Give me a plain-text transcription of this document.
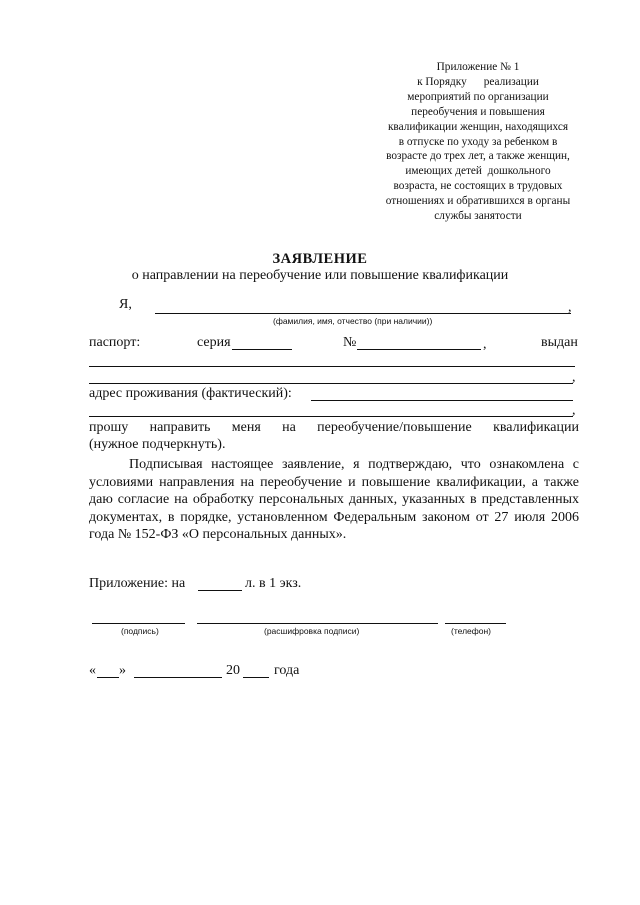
Приложение № 1
к Порядку      реализации
мероприятий по организации
переобучения и повышения
квалификации женщин, находящихся
в отпуске по уходу за ребенком в
возрасте до трех лет, а также женщин,
имеющих детей  дошкольного
возраста, не состоящих в трудовых
отношениях и обратившихся в органы
службы занятости
ЗАЯВЛЕНИЕ
о направлении на переобучение или повышение квалификации
Я,	,
(фамилия, имя, отчество (при наличии))
паспорт:	серия	№	,	выдан
,
адрес проживания (фактический):
,
прошу направить меня на переобучение/повышение квалификации
(нужное подчеркнуть).

Подписывая настоящее заявление, я подтверждаю, что ознакомлена с условиями направления на переобучение и повышение квалификации, а также даю согласие на обработку персональных данных, указанных в представленных документах, в порядке, установленном Федеральным законом от 27 июля 2006 года № 152-ФЗ «О персональных данных».

Приложение: на	л. в 1 экз.
(подпись)	(расшифровка подписи)	(телефон)
« »	20 года
